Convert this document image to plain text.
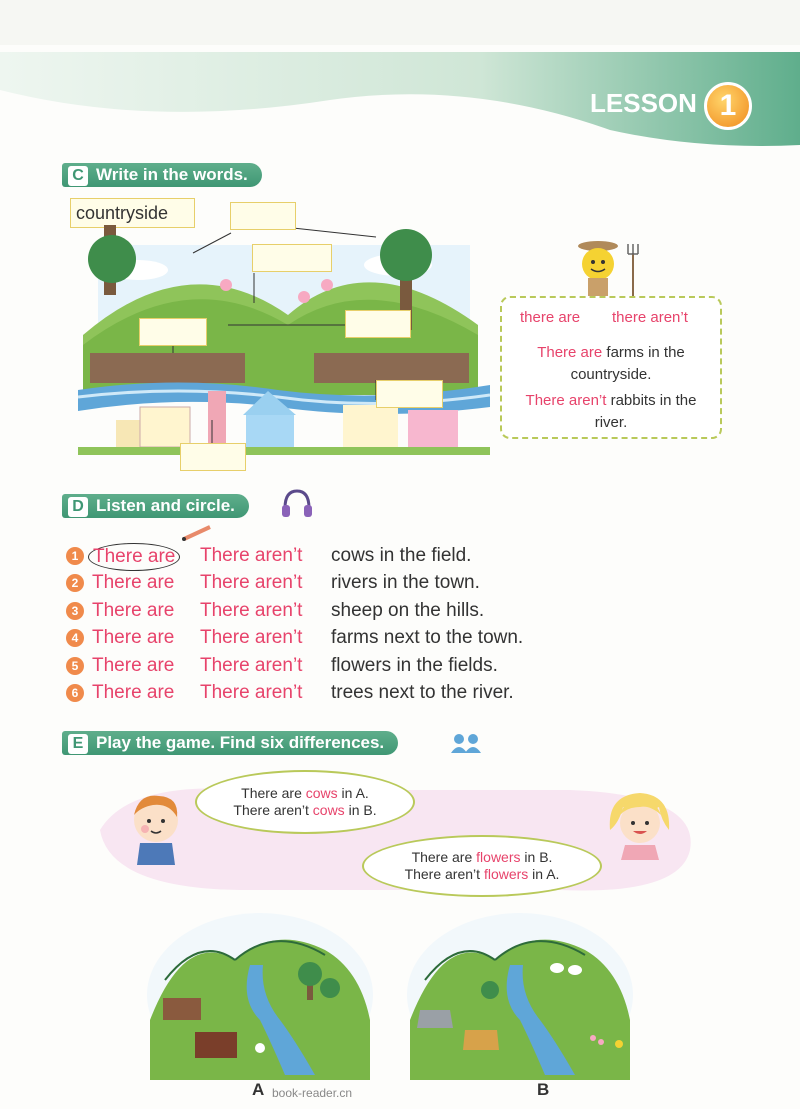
LESSON 1
C Write in the words.
countryside
there are there aren’t
There are farms in the countryside.
There aren’t rabbits in the river.
D Listen and circle.
1 There are There aren’t cows in the field.
2 There are There aren’t rivers in the town.
3 There are There aren’t sheep on the hills.
4 There are There aren’t farms next to the town.
5 There are There aren’t flowers in the fields.
6 There are There aren’t trees next to the river.
E Play the game. Find six differences.
There are cows in A.
There aren’t cows in B.
There are flowers in B.
There aren’t flowers in A.
A book-reader.cn	B
